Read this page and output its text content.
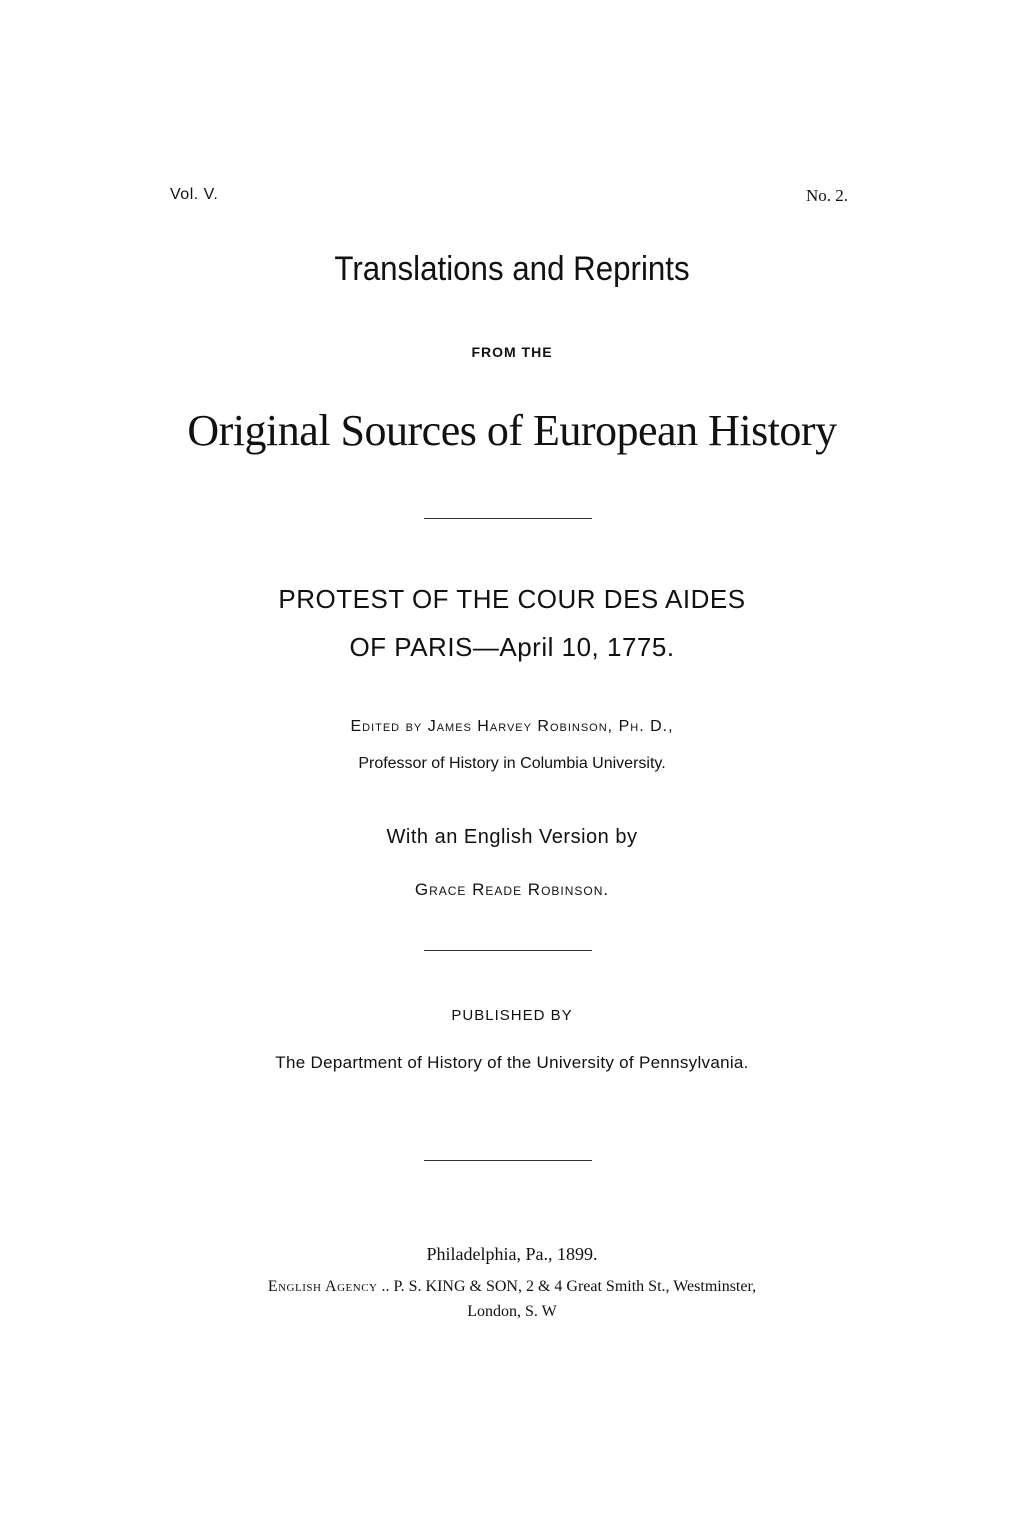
Vol. V.	No. 2.
Translations and Reprints
FROM THE
Original Sources of European History
PROTEST OF THE COUR DES AIDES
OF PARIS—April 10, 1775.
Edited by James Harvey Robinson, Ph. D.,
Professor of History in Columbia University.
With an English Version by
Grace Reade Robinson.
PUBLISHED BY
The Department of History of the University of Pennsylvania.
Philadelphia, Pa., 1899.
English Agency .. P. S. KING & SON, 2 & 4 Great Smith St., Westminster,
London, S. W
